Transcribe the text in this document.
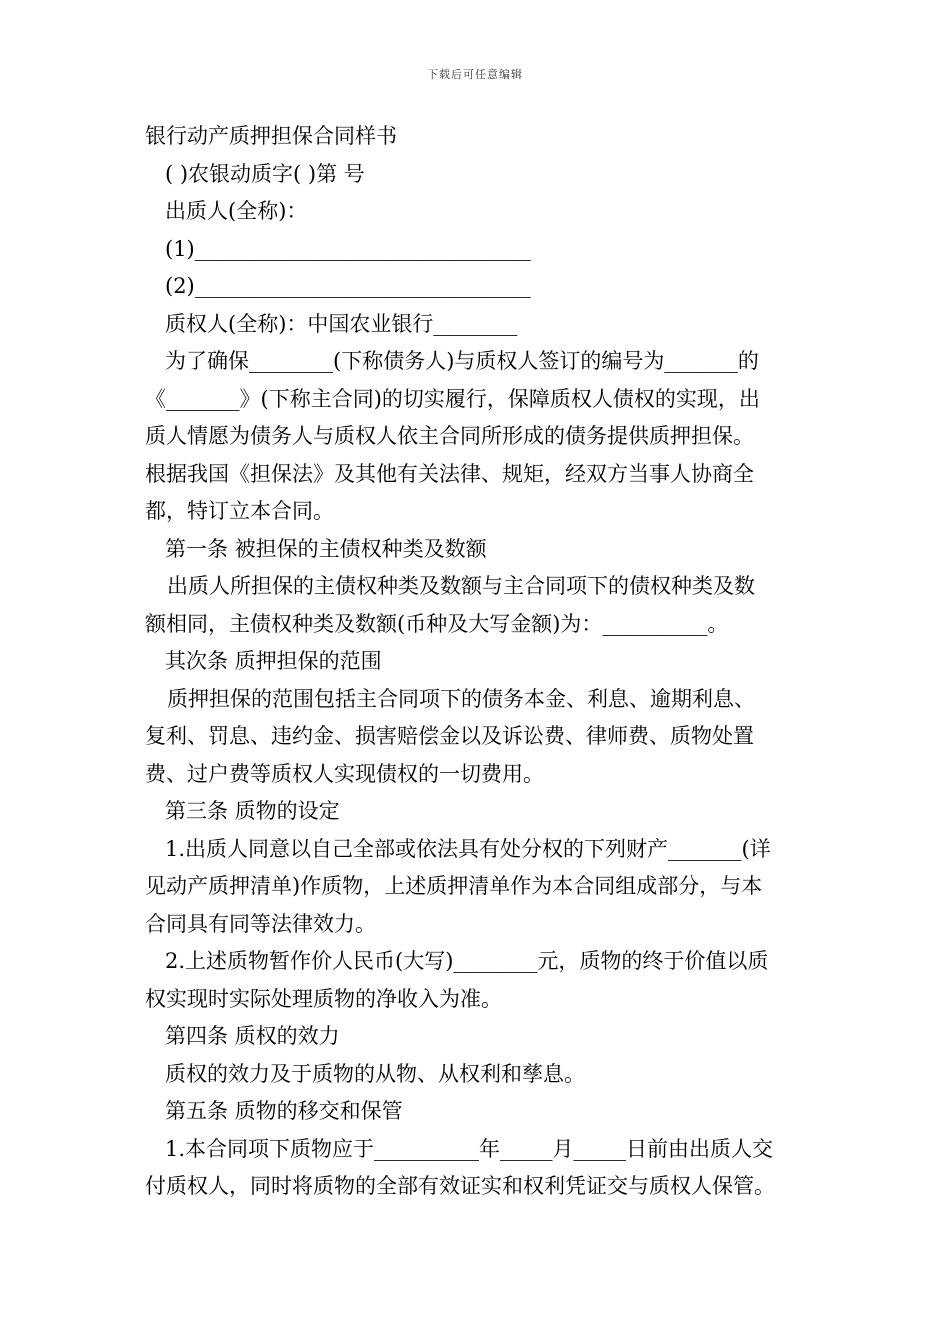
下载后可任意编辑

银行动产质押担保合同样书

( )农银动质字( )第 号

出质人(全称)：

(1)________________________________

(2)________________________________

质权人(全称)：中国农业银行________

为了确保________(下称债务人)与质权人签订的编号为_______的

《_______》(下称主合同)的切实履行，保障质权人债权的实现，出

质人情愿为债务人与质权人依主合同所形成的债务提供质押担保。

根据我国《担保法》及其他有关法律、规矩，经双方当事人协商全

都，特订立本合同。

第一条 被担保的主债权种类及数额

出质人所担保的主债权种类及数额与主合同项下的债权种类及数

额相同，主债权种类及数额(币种及大写金额)为：__________。

其次条 质押担保的范围

质押担保的范围包括主合同项下的债务本金、利息、逾期利息、

复利、罚息、违约金、损害赔偿金以及诉讼费、律师费、质物处置

费、过户费等质权人实现债权的一切费用。

第三条 质物的设定

1.出质人同意以自己全部或依法具有处分权的下列财产_______(详

见动产质押清单)作质物，上述质押清单作为本合同组成部分，与本

合同具有同等法律效力。

2.上述质物暂作价人民币(大写)________元，质物的终于价值以质

权实现时实际处理质物的净收入为准。

第四条 质权的效力

质权的效力及于质物的从物、从权利和孳息。

第五条 质物的移交和保管

1.本合同项下质物应于__________年_____月_____日前由出质人交

付质权人，同时将质物的全部有效证实和权利凭证交与质权人保管。
